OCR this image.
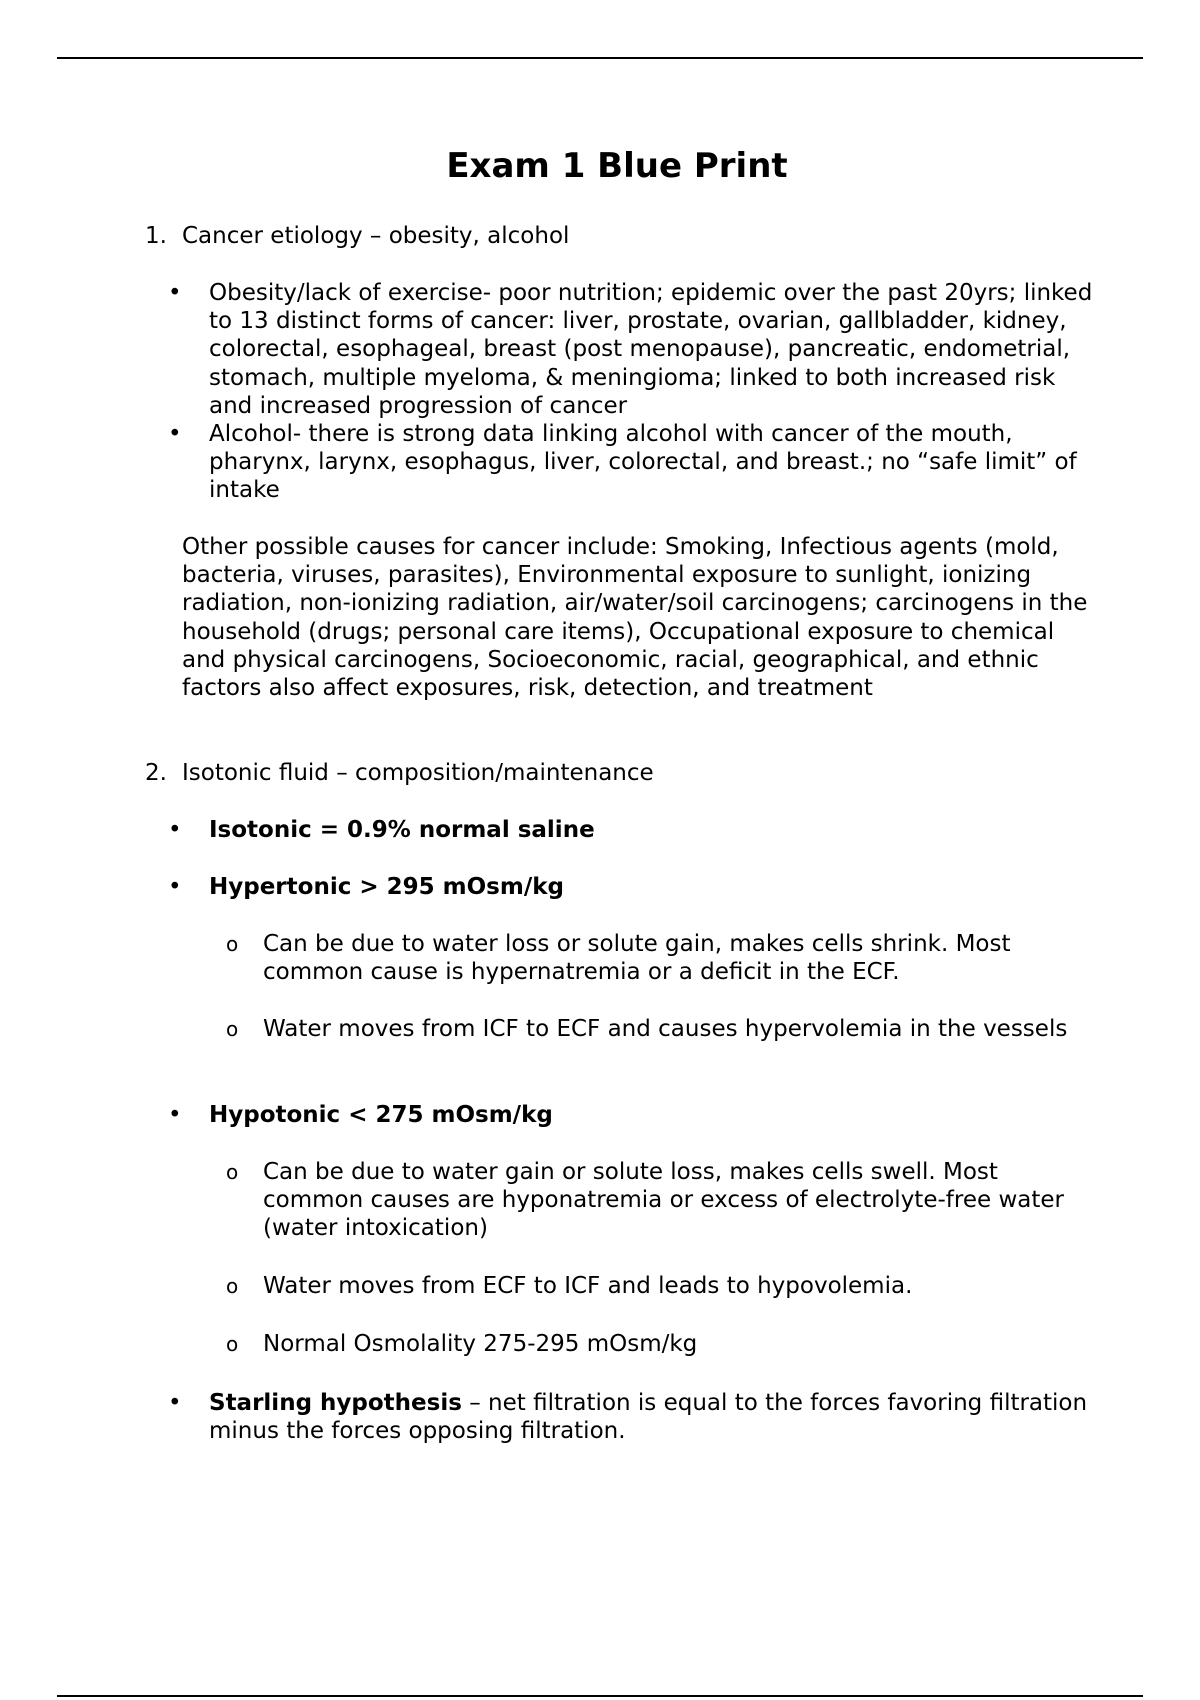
Exam 1 Blue Print
1. Cancer etiology – obesity, alcohol
• Obesity/lack of exercise- poor nutrition; epidemic over the past 20yrs; linked to 13 distinct forms of cancer: liver, prostate, ovarian, gallbladder, kidney, colorectal, esophageal, breast (post menopause), pancreatic, endometrial, stomach, multiple myeloma, & meningioma; linked to both increased risk and increased progression of cancer
• Alcohol- there is strong data linking alcohol with cancer of the mouth, pharynx, larynx, esophagus, liver, colorectal, and breast.; no “safe limit” of intake
Other possible causes for cancer include: Smoking, Infectious agents (mold, bacteria, viruses, parasites), Environmental exposure to sunlight, ionizing radiation, non-ionizing radiation, air/water/soil carcinogens; carcinogens in the household (drugs; personal care items), Occupational exposure to chemical and physical carcinogens, Socioeconomic, racial, geographical, and ethnic factors also affect exposures, risk, detection, and treatment
2. Isotonic fluid – composition/maintenance
• Isotonic = 0.9% normal saline
• Hypertonic > 295 mOsm/kg
o Can be due to water loss or solute gain, makes cells shrink. Most common cause is hypernatremia or a deficit in the ECF.
o Water moves from ICF to ECF and causes hypervolemia in the vessels
• Hypotonic < 275 mOsm/kg
o Can be due to water gain or solute loss, makes cells swell. Most common causes are hyponatremia or excess of electrolyte-free water (water intoxication)
o Water moves from ECF to ICF and leads to hypovolemia.
o Normal Osmolality 275-295 mOsm/kg
• Starling hypothesis – net filtration is equal to the forces favoring filtration minus the forces opposing filtration.
